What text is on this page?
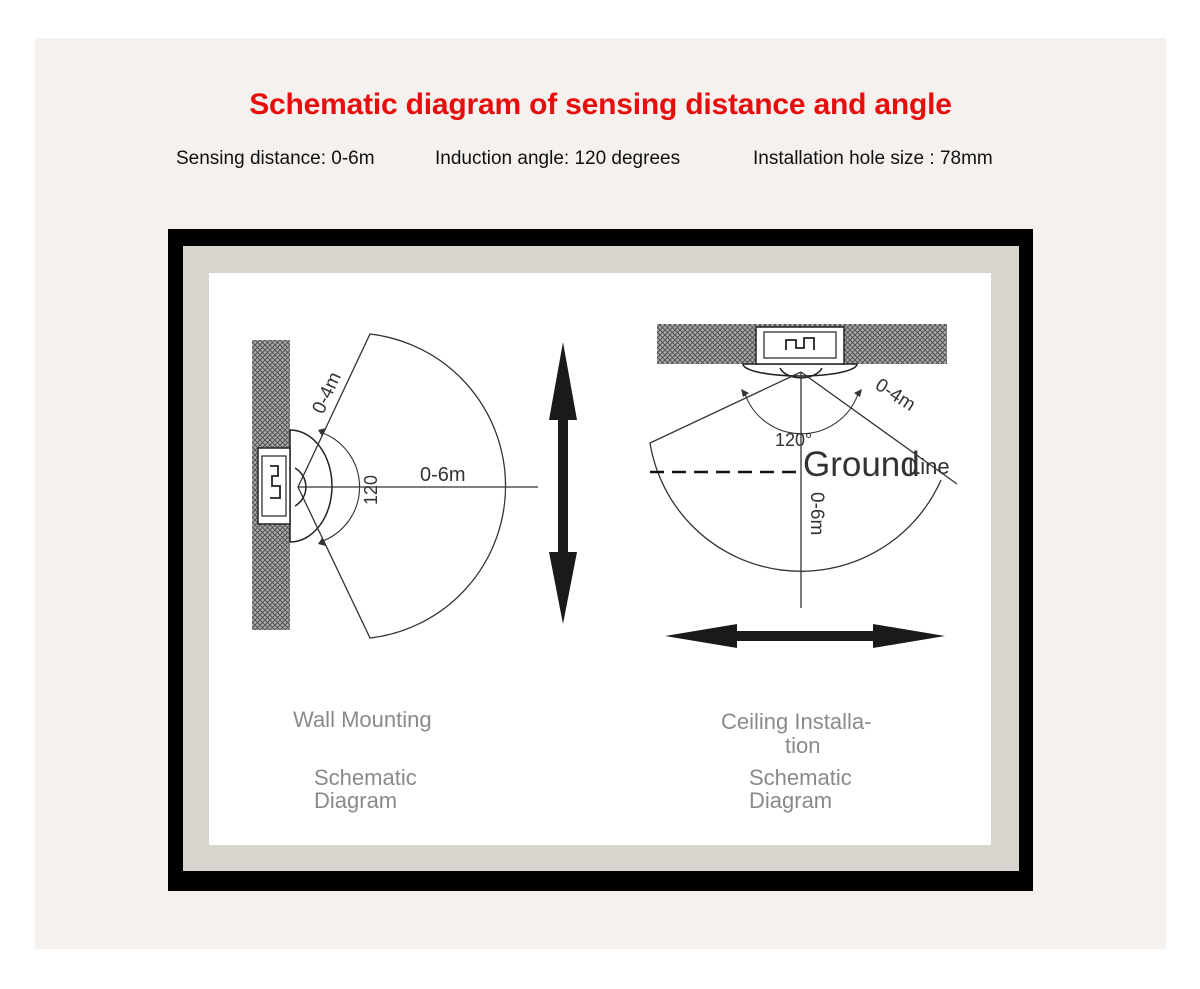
Schematic diagram of sensing distance and angle
Sensing distance: 0-6m	Induction angle: 120 degrees	Installation hole size : 78mm
0-4m
120 0-6m
0-4m
120°
Ground
Line
0-6m
Wall Mounting
Schematic
Diagram
Ceiling Installa-
tion
Schematic
Diagram
